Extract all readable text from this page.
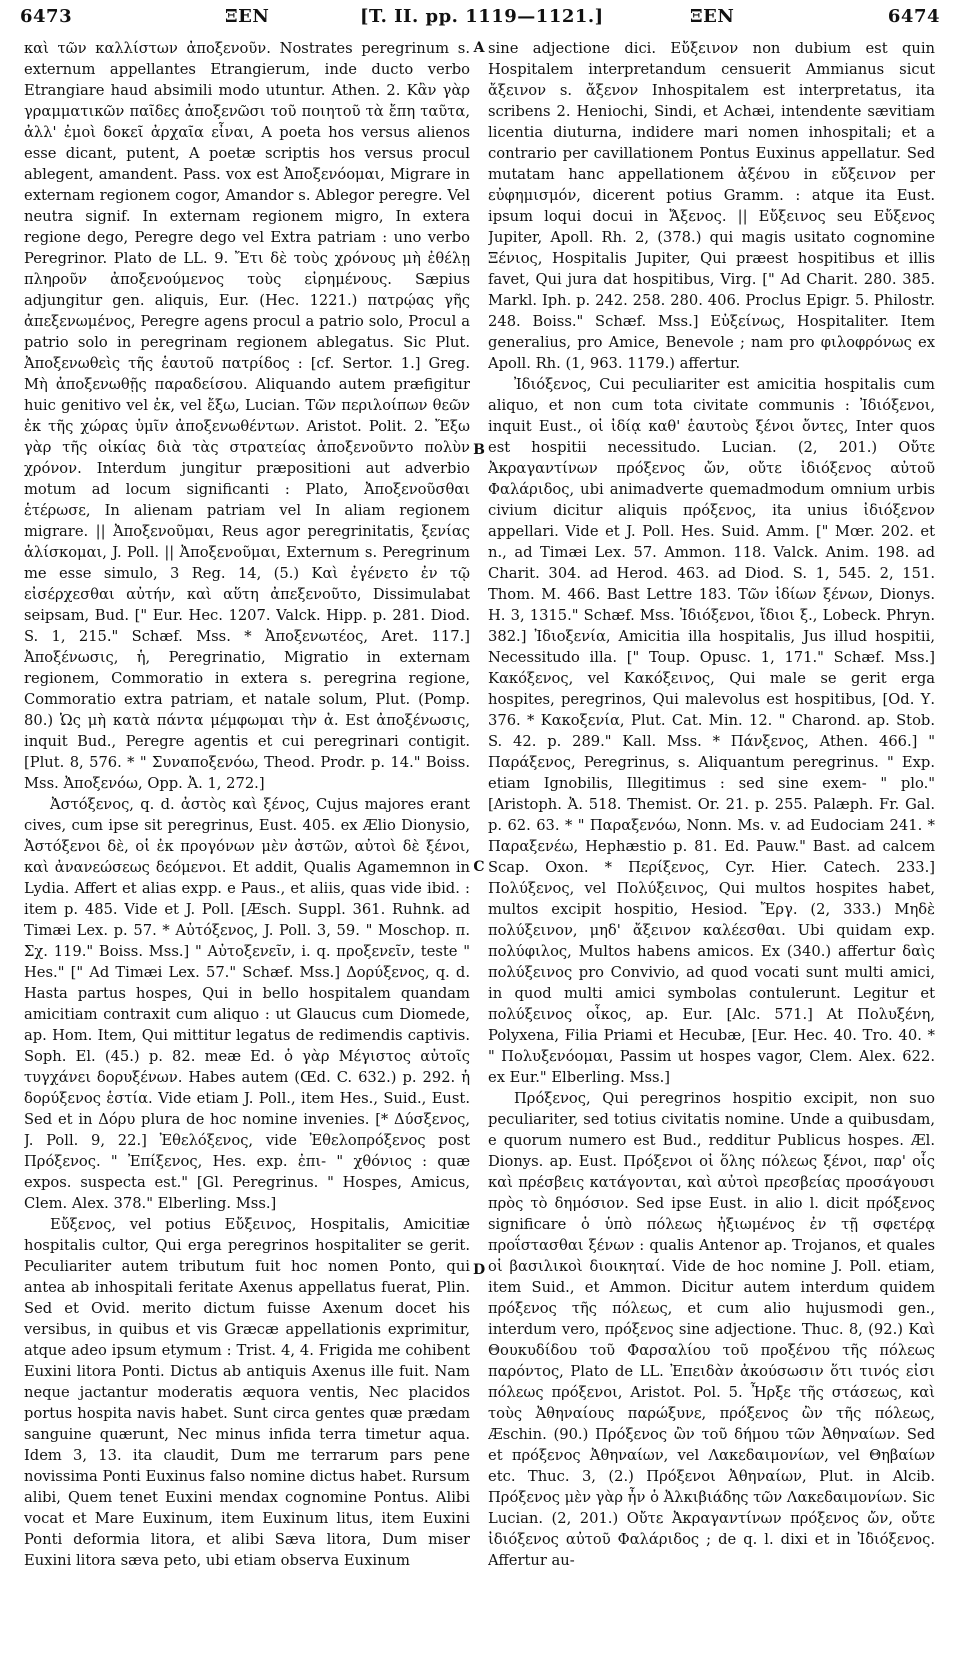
6473	ΞΕΝ	[T. II. pp. 1119—1121.]	ΞΕΝ	6474
A
B
C
D

καὶ τῶν καλλίστων ἀποξενοῦν. Nostrates peregrinum s. externum appellantes Etrangierum, inde ducto verbo Etrangiare haud absimili modo utuntur. Athen. 2. Κἂν γὰρ γραμματικῶν παῖδες ἀποξενῶσι τοῦ ποιητοῦ τὰ ἔπη ταῦτα, ἀλλ' ἐμοὶ δοκεῖ ἀρχαῖα εἶναι, A poeta hos versus alienos esse dicant, putent, A poetæ scriptis hos versus procul ablegent, amandent. Pass. vox est Ἀποξενόομαι, Migrare in externam regionem cogor, Amandor s. Ablegor peregre. Vel neutra signif. In externam regionem migro, In extera regione dego, Peregre dego vel Extra patriam : uno verbo Peregrinor. Plato de LL. 9. Ἔτι δὲ τοὺς χρόνους μὴ ἐθέλῃ πληροῦν ἀποξενούμενος τοὺς εἰρημένους. Sæpius adjungitur gen. aliquis, Eur. (Hec. 1221.) πατρῴας γῆς ἀπεξενωμένος, Peregre agens procul a patrio solo, Procul a patrio solo in peregrinam regionem ablegatus. Sic Plut. Ἀποξενωθεὶς τῆς ἑαυτοῦ πατρίδος : [cf. Sertor. 1.] Greg. Μὴ ἀποξενωθῇς παραδείσου. Aliquando autem præfigitur huic genitivo vel ἐκ, vel ἔξω, Lucian. Τῶν περιλοίπων θεῶν ἐκ τῆς χώρας ὑμῖν ἀποξενωθέντων. Aristot. Polit. 2. Ἔξω γὰρ τῆς οἰκίας διὰ τὰς στρατείας ἀποξενοῦντο πολὺν χρόνον. Interdum jungitur præpositioni aut adverbio motum ad locum significanti : Plato, Ἀποξενοῦσθαι ἑτέρωσε, In alienam patriam vel In aliam regionem migrare. || Ἀποξενοῦμαι, Reus agor peregrinitatis, ξενίας ἁλίσκομαι, J. Poll. || Ἀποξενοῦμαι, Externum s. Peregrinum me esse simulo, 3 Reg. 14, (5.) Καὶ ἐγένετο ἐν τῷ εἰσέρχεσθαι αὐτήν, καὶ αὕτη ἀπεξενοῦτο, Dissimulabat seipsam, Bud. [" Eur. Hec. 1207. Valck. Hipp. p. 281. Diod. S. 1, 215." Schæf. Mss. * Ἀποξενωτέος, Aret. 117.] Ἀποξένωσις, ἡ, Peregrinatio, Migratio in externam regionem, Commoratio in extera s. peregrina regione, Commoratio extra patriam, et natale solum, Plut. (Pomp. 80.) Ὡς μὴ κατὰ πάντα μέμφωμαι τὴν ἀ. Est ἀποξένωσις, inquit Bud., Peregre agentis et cui peregrinari contigit. [Plut. 8, 576. * " Συναποξενόω, Theod. Prodr. p. 14." Boiss. Mss. Ἀποξενόω, Opp. Ἀ. 1, 272.]

Ἀστόξενος, q. d. ἀστὸς καὶ ξένος, Cujus majores erant cives, cum ipse sit peregrinus, Eust. 405. ex Ælio Dionysio, Ἀστόξενοι δὲ, οἱ ἐκ προγόνων μὲν ἀστῶν, αὐτοὶ δὲ ξένοι, καὶ ἀνανεώσεως δεόμενοι. Et addit, Qualis Agamemnon in Lydia. Affert et alias expp. e Paus., et aliis, quas vide ibid. : item p. 485. Vide et J. Poll. [Æsch. Suppl. 361. Ruhnk. ad Timæi Lex. p. 57. * Αὐτόξενος, J. Poll. 3, 59. " Moschop. π. Σχ. 119." Boiss. Mss.] " Αὐτοξενεῖν, i. q. προξενεῖν, teste " Hes." [" Ad Timæi Lex. 57." Schæf. Mss.] Δορύξενος, q. d. Hasta partus hospes, Qui in bello hospitalem quandam amicitiam contraxit cum aliquo : ut Glaucus cum Diomede, ap. Hom. Item, Qui mittitur legatus de redimendis captivis. Soph. El. (45.) p. 82. meæ Ed. ὁ γὰρ Μέγιστος αὐτοῖς τυγχάνει δορυξένων. Habes autem (Œd. C. 632.) p. 292. ἡ δορύξενος ἑστία. Vide etiam J. Poll., item Hes., Suid., Eust. Sed et in Δόρυ plura de hoc nomine invenies. [* Δύσξενος, J. Poll. 9, 22.] Ἐθελόξενος, vide Ἐθελοπρόξενος post Πρόξενος. " Ἐπίξενος, Hes. exp. ἐπι- " χθόνιος : quæ expos. suspecta est." [Gl. Peregrinus. " Hospes, Amicus, Clem. Alex. 378." Elberling. Mss.]

Εὔξενος, vel potius Εὔξεινος, Hospitalis, Amicitiæ hospitalis cultor, Qui erga peregrinos hospitaliter se gerit. Peculiariter autem tributum fuit hoc nomen Ponto, qui antea ab inhospitali feritate Axenus appellatus fuerat, Plin. Sed et Ovid. merito dictum fuisse Axenum docet his versibus, in quibus et vis Græcæ appellationis exprimitur, atque adeo ipsum etymum : Trist. 4, 4. Frigida me cohibent Euxini litora Ponti. Dictus ab antiquis Axenus ille fuit. Nam neque jactantur moderatis æquora ventis, Nec placidos portus hospita navis habet. Sunt circa gentes quæ prædam sanguine quærunt, Nec minus infida terra timetur aqua. Idem 3, 13. ita claudit, Dum me terrarum pars pene novissima Ponti Euxinus falso nomine dictus habet. Rursum alibi, Quem tenet Euxini mendax cognomine Pontus. Alibi vocat et Mare Euxinum, item Euxinum litus, item Euxini Ponti deformia litora, et alibi Sæva litora, Dum miser Euxini litora sæva peto, ubi etiam observa Euxinum

sine adjectione dici. Εὔξεινον non dubium est quin Hospitalem interpretandum censuerit Ammianus sicut ἄξεινον s. ἄξενον Inhospitalem est interpretatus, ita scribens 2. Heniochi, Sindi, et Achæi, intendente sævitiam licentia diuturna, indidere mari nomen inhospitali; et a contrario per cavillationem Pontus Euxinus appellatur. Sed mutatam hanc appellationem ἀξένου in εὔξεινον per εὐφημισμόν, dicerent potius Gramm. : atque ita Eust. ipsum loqui docui in Ἄξενος. || Εὔξεινος seu Εὔξενος Jupiter, Apoll. Rh. 2, (378.) qui magis usitato cognomine Ξένιος, Hospitalis Jupiter, Qui præest hospitibus et illis favet, Qui jura dat hospitibus, Virg. [" Ad Charit. 280. 385. Markl. Iph. p. 242. 258. 280. 406. Proclus Epigr. 5. Philostr. 248. Boiss." Schæf. Mss.] Εὐξείνως, Hospitaliter. Item generalius, pro Amice, Benevole ; nam pro φιλοφρόνως ex Apoll. Rh. (1, 963. 1179.) affertur.

Ἰδιόξενος, Cui peculiariter est amicitia hospitalis cum aliquo, et non cum tota civitate communis : Ἰδιόξενοι, inquit Eust., οἱ ἰδίᾳ καθ' ἑαυτοὺς ξένοι ὄντες, Inter quos est hospitii necessitudo. Lucian. (2, 201.) Οὔτε Ἀκραγαντίνων πρόξενος ὤν, οὔτε ἰδιόξενος αὐτοῦ Φαλάριδος, ubi animadverte quemadmodum omnium urbis civium dicitur aliquis πρόξενος, ita unius ἰδιόξενον appellari. Vide et J. Poll. Hes. Suid. Amm. [" Mœr. 202. et n., ad Timæi Lex. 57. Ammon. 118. Valck. Anim. 198. ad Charit. 304. ad Herod. 463. ad Diod. S. 1, 545. 2, 151. Thom. M. 466. Bast Lettre 183. Τῶν ἰδίων ξένων, Dionys. H. 3, 1315." Schæf. Mss. Ἰδιόξενοι, ἴδιοι ξ., Lobeck. Phryn. 382.] Ἰδιοξενία, Amicitia illa hospitalis, Jus illud hospitii, Necessitudo illa. [" Toup. Opusc. 1, 171." Schæf. Mss.] Κακόξενος, vel Κακόξεινος, Qui male se gerit erga hospites, peregrinos, Qui malevolus est hospitibus, [Od. Υ. 376. * Κακοξενία, Plut. Cat. Min. 12. " Charond. ap. Stob. S. 42. p. 289." Kall. Mss. * Πάνξενος, Athen. 466.] " Παράξενος, Peregrinus, s. Aliquantum peregrinus. " Exp. etiam Ignobilis, Illegitimus : sed sine exem- " plo." [Aristoph. Ἀ. 518. Themist. Or. 21. p. 255. Palæph. Fr. Gal. p. 62. 63. * " Παραξενόω, Nonn. Ms. v. ad Eudociam 241. * Παραξενέω, Hephæstio p. 81. Ed. Pauw." Bast. ad calcem Scap. Oxon. * Περίξενος, Cyr. Hier. Catech. 233.] Πολύξενος, vel Πολύξεινος, Qui multos hospites habet, multos excipit hospitio, Hesiod. Ἔργ. (2, 333.) Μηδὲ πολύξεινον, μηδ' ἄξεινον καλέεσθαι. Ubi quidam exp. πολύφιλος, Multos habens amicos. Ex (340.) affertur δαὶς πολύξεινος pro Convivio, ad quod vocati sunt multi amici, in quod multi amici symbolas contulerunt. Legitur et πολύξεινος οἶκος, ap. Eur. [Alc. 571.] At Πολυξένη, Polyxena, Filia Priami et Hecubæ, [Eur. Hec. 40. Tro. 40. * " Πολυξενόομαι, Passim ut hospes vagor, Clem. Alex. 622. ex Eur." Elberling. Mss.]

Πρόξενος, Qui peregrinos hospitio excipit, non suo peculiariter, sed totius civitatis nomine. Unde a quibusdam, e quorum numero est Bud., redditur Publicus hospes. Æl. Dionys. ap. Eust. Πρόξενοι οἱ ὅλης πόλεως ξένοι, παρ' οἷς καὶ πρέσβεις κατάγονται, καὶ αὐτοὶ πρεσβείας προσάγουσι πρὸς τὸ δημόσιον. Sed ipse Eust. in alio l. dicit πρόξενος significare ὁ ὑπὸ πόλεως ἠξιωμένος ἐν τῇ σφετέρᾳ προΐστασθαι ξένων : qualis Antenor ap. Trojanos, et quales οἱ βασιλικοὶ διοικηταί. Vide de hoc nomine J. Poll. etiam, item Suid., et Ammon. Dicitur autem interdum quidem πρόξενος τῆς πόλεως, et cum alio hujusmodi gen., interdum vero, πρόξενος sine adjectione. Thuc. 8, (92.) Καὶ Θουκυδίδου τοῦ Φαρσαλίου τοῦ προξένου τῆς πόλεως παρόντος, Plato de LL. Ἐπειδὰν ἀκούσωσιν ὅτι τινός εἰσι πόλεως πρόξενοι, Aristot. Pol. 5. Ἦρξε τῆς στάσεως, καὶ τοὺς Ἀθηναίους παρώξυνε, πρόξενος ὢν τῆς πόλεως, Æschin. (90.) Πρόξενος ὢν τοῦ δήμου τῶν Ἀθηναίων. Sed et πρόξενος Ἀθηναίων, vel Λακεδαιμονίων, vel Θηβαίων etc. Thuc. 3, (2.) Πρόξενοι Ἀθηναίων, Plut. in Alcib. Πρόξενος μὲν γὰρ ἦν ὁ Ἀλκιβιάδης τῶν Λακεδαιμονίων. Sic Lucian. (2, 201.) Οὔτε Ἀκραγαντίνων πρόξενος ὤν, οὔτε ἰδιόξενος αὐτοῦ Φαλάριδος ; de q. l. dixi et in Ἰδιόξενος. Affertur au-
